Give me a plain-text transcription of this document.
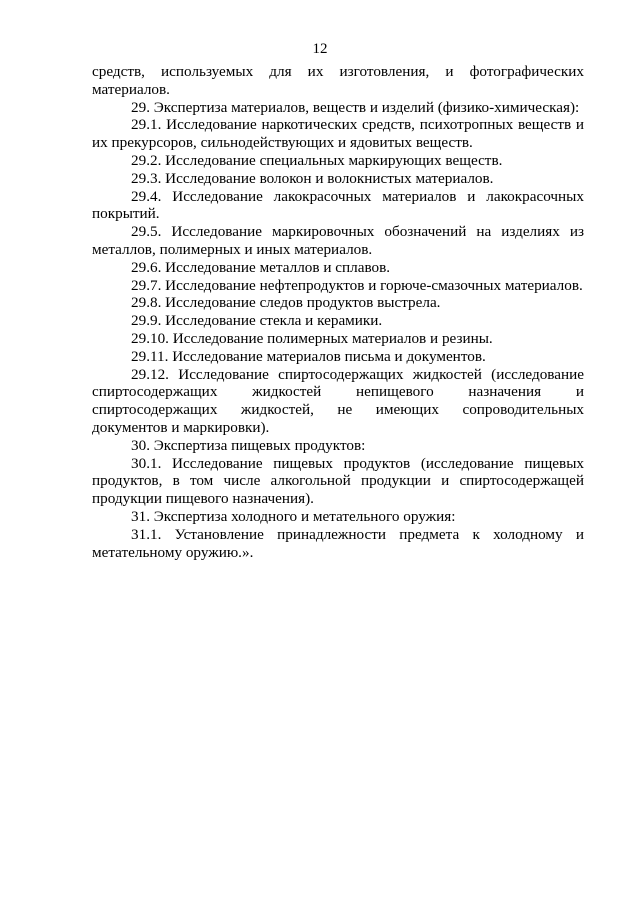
12

средств, используемых для их изготовления, и фотографических материалов.

29. Экспертиза материалов, веществ и изделий (физико-химическая):

29.1. Исследование наркотических средств, психотропных веществ и их прекурсоров, сильнодействующих и ядовитых веществ.

29.2. Исследование специальных маркирующих веществ.

29.3. Исследование волокон и волокнистых материалов.

29.4. Исследование лакокрасочных материалов и лакокрасочных покрытий.

29.5. Исследование маркировочных обозначений на изделиях из металлов, полимерных и иных материалов.

29.6. Исследование металлов и сплавов.

29.7. Исследование нефтепродуктов и горюче-смазочных материалов.

29.8. Исследование следов продуктов выстрела.

29.9. Исследование стекла и керамики.

29.10. Исследование полимерных материалов и резины.

29.11. Исследование материалов письма и документов.

29.12. Исследование спиртосодержащих жидкостей (исследование спиртосодержащих жидкостей непищевого назначения и спиртосодержащих жидкостей, не имеющих сопроводительных документов и маркировки).

30. Экспертиза пищевых продуктов:

30.1. Исследование пищевых продуктов (исследование пищевых продуктов, в том числе алкогольной продукции и спиртосодержащей продукции пищевого назначения).

31. Экспертиза холодного и метательного оружия:

31.1. Установление принадлежности предмета к холодному и метательному оружию.».
